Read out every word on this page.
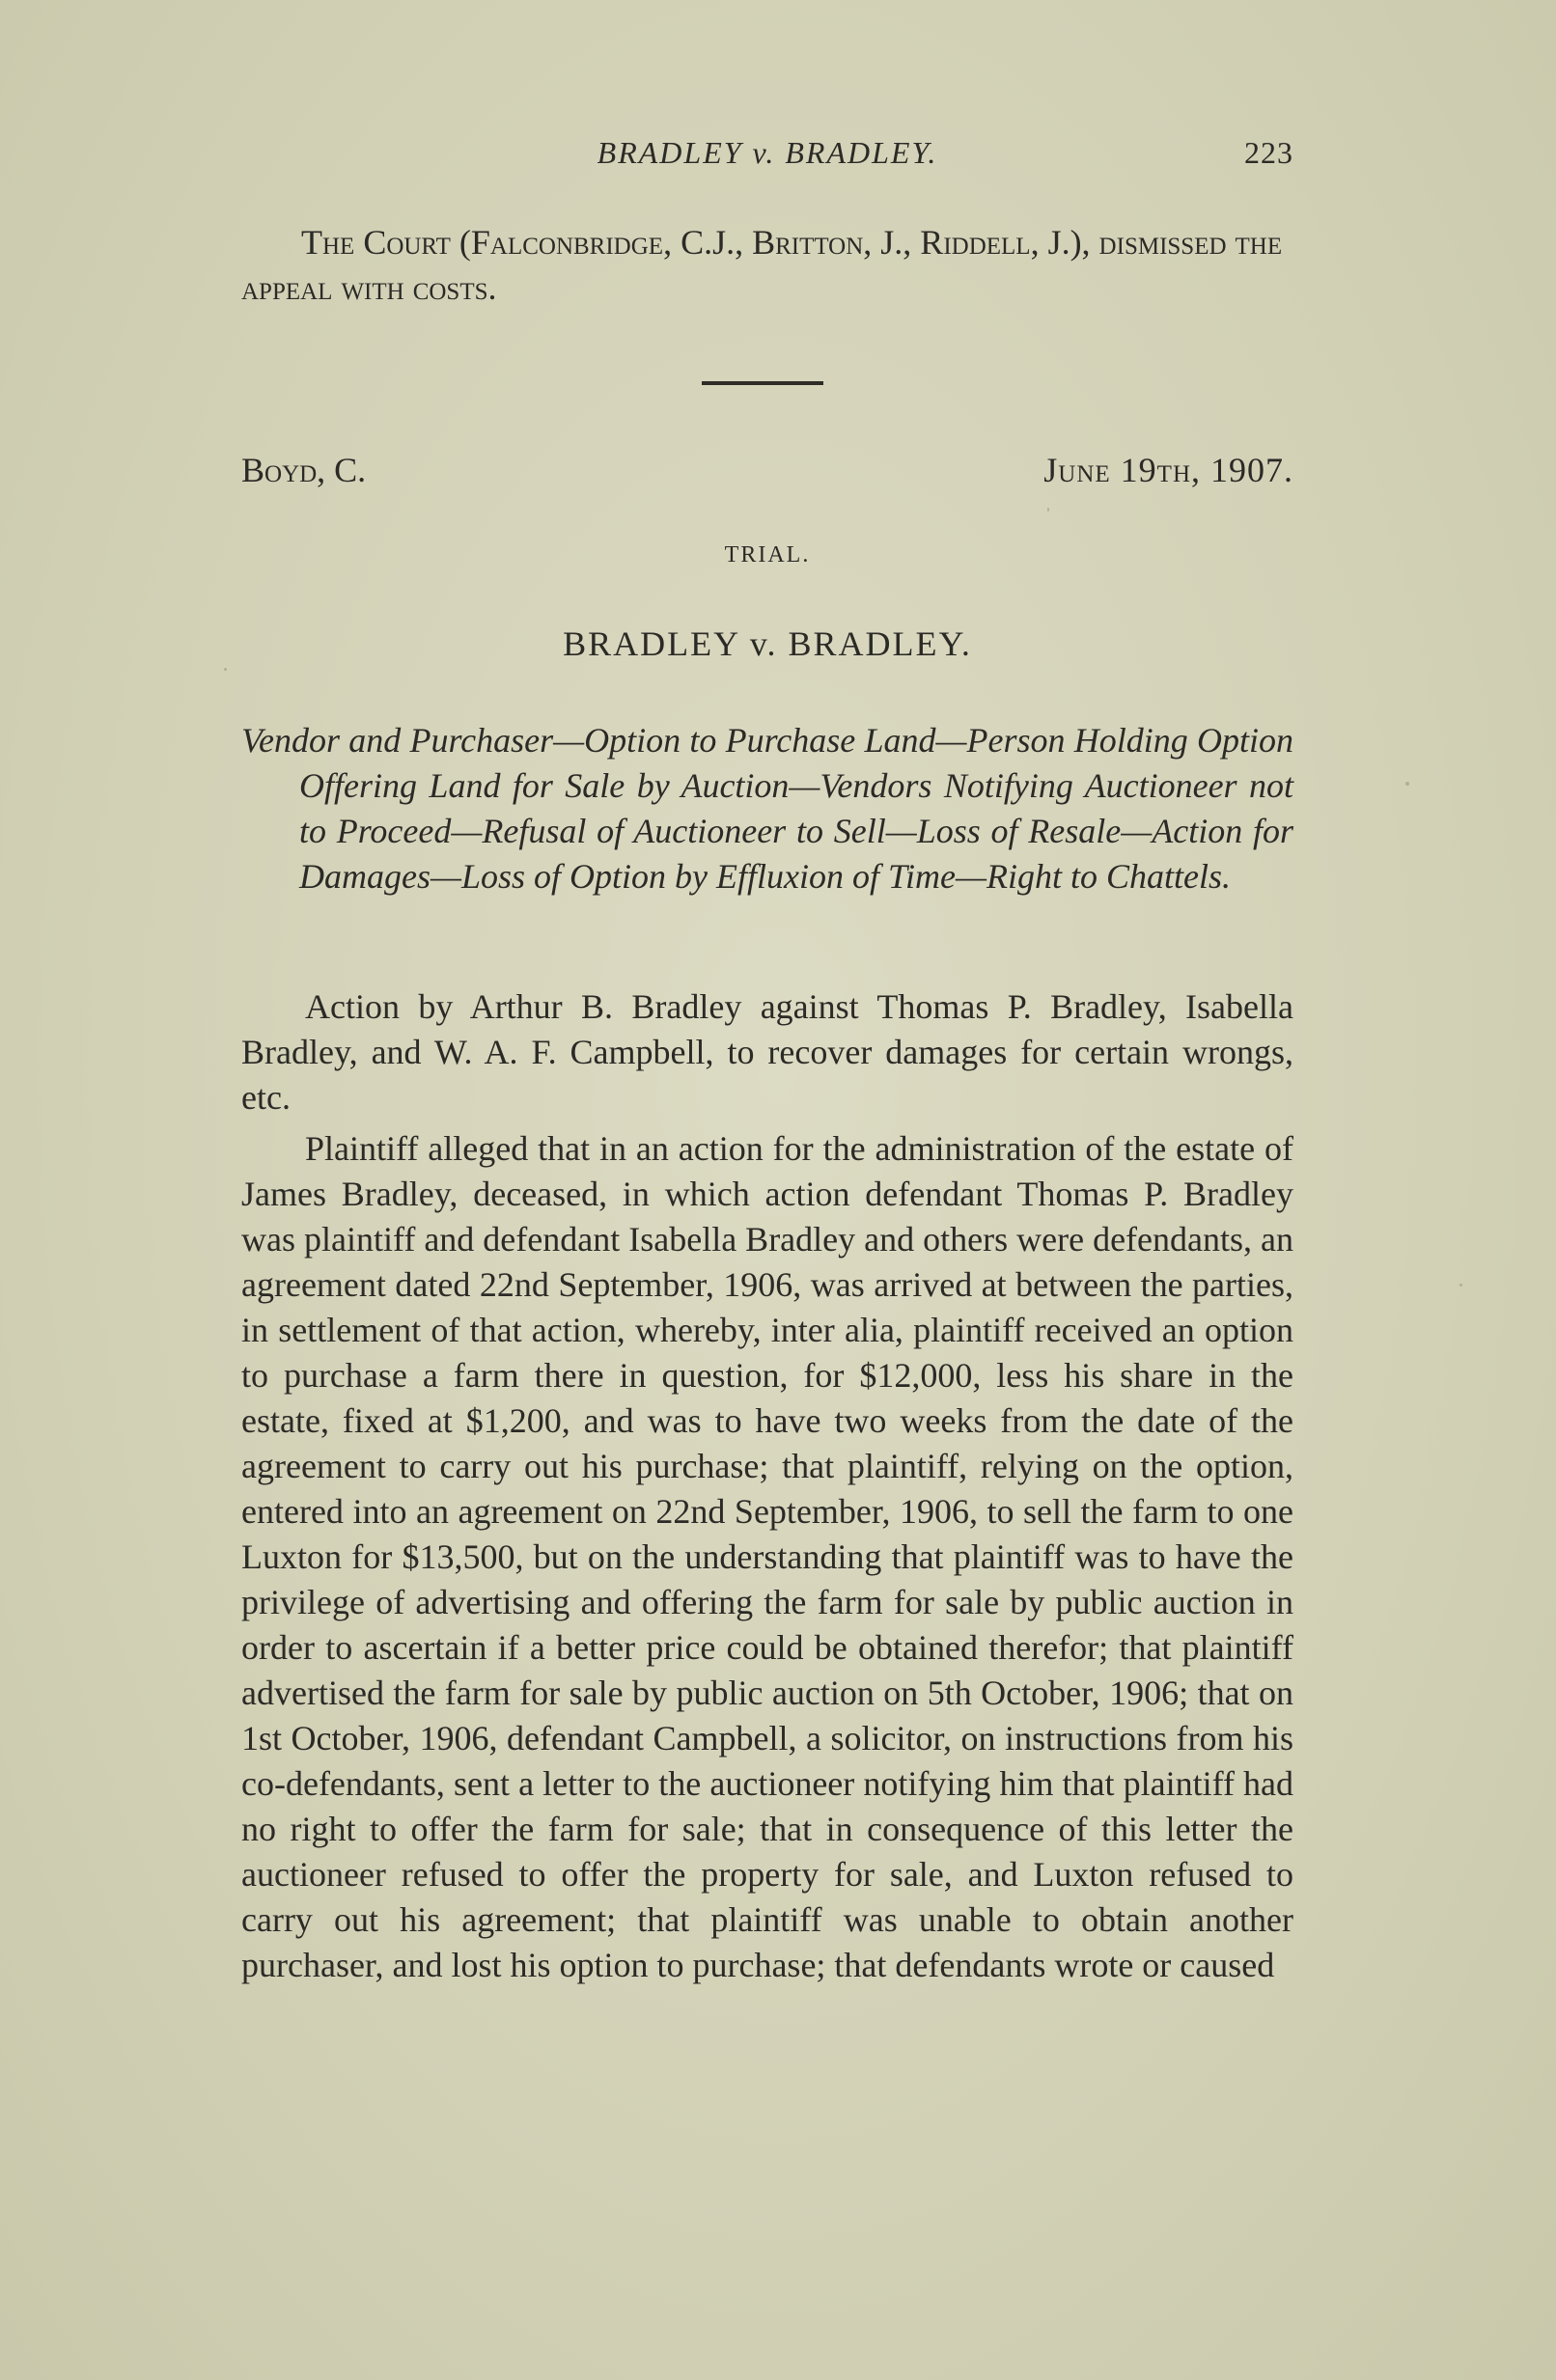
BRADLEY v. BRADLEY.	223
The Court (Falconbridge, C.J., Britton, J., Riddell, J.), dismissed the appeal with costs.
Boyd, C.	June 19th, 1907.
TRIAL.
BRADLEY v. BRADLEY.
Vendor and Purchaser—Option to Purchase Land—Person Holding Option Offering Land for Sale by Auction—Vendors Notifying Auctioneer not to Proceed—Refusal of Auctioneer to Sell—Loss of Resale—Action for Damages—Loss of Option by Effluxion of Time—Right to Chattels.

Action by Arthur B. Bradley against Thomas P. Bradley, Isabella Bradley, and W. A. F. Campbell, to recover damages for certain wrongs, etc.

Plaintiff alleged that in an action for the administration of the estate of James Bradley, deceased, in which action defendant Thomas P. Bradley was plaintiff and defendant Isabella Bradley and others were defendants, an agreement dated 22nd September, 1906, was arrived at between the parties, in settlement of that action, whereby, inter alia, plaintiff received an option to purchase a farm there in question, for $12,000, less his share in the estate, fixed at $1,200, and was to have two weeks from the date of the agreement to carry out his purchase; that plaintiff, relying on the option, entered into an agreement on 22nd September, 1906, to sell the farm to one Luxton for $13,500, but on the understanding that plaintiff was to have the privilege of advertising and offering the farm for sale by public auction in order to ascertain if a better price could be obtained therefor; that plaintiff advertised the farm for sale by public auction on 5th October, 1906; that on 1st October, 1906, defendant Campbell, a solicitor, on instructions from his co-defendants, sent a letter to the auctioneer notifying him that plaintiff had no right to offer the farm for sale; that in consequence of this letter the auctioneer refused to offer the property for sale, and Luxton refused to carry out his agreement; that plaintiff was unable to obtain another purchaser, and lost his option to purchase; that defendants wrote or caused
